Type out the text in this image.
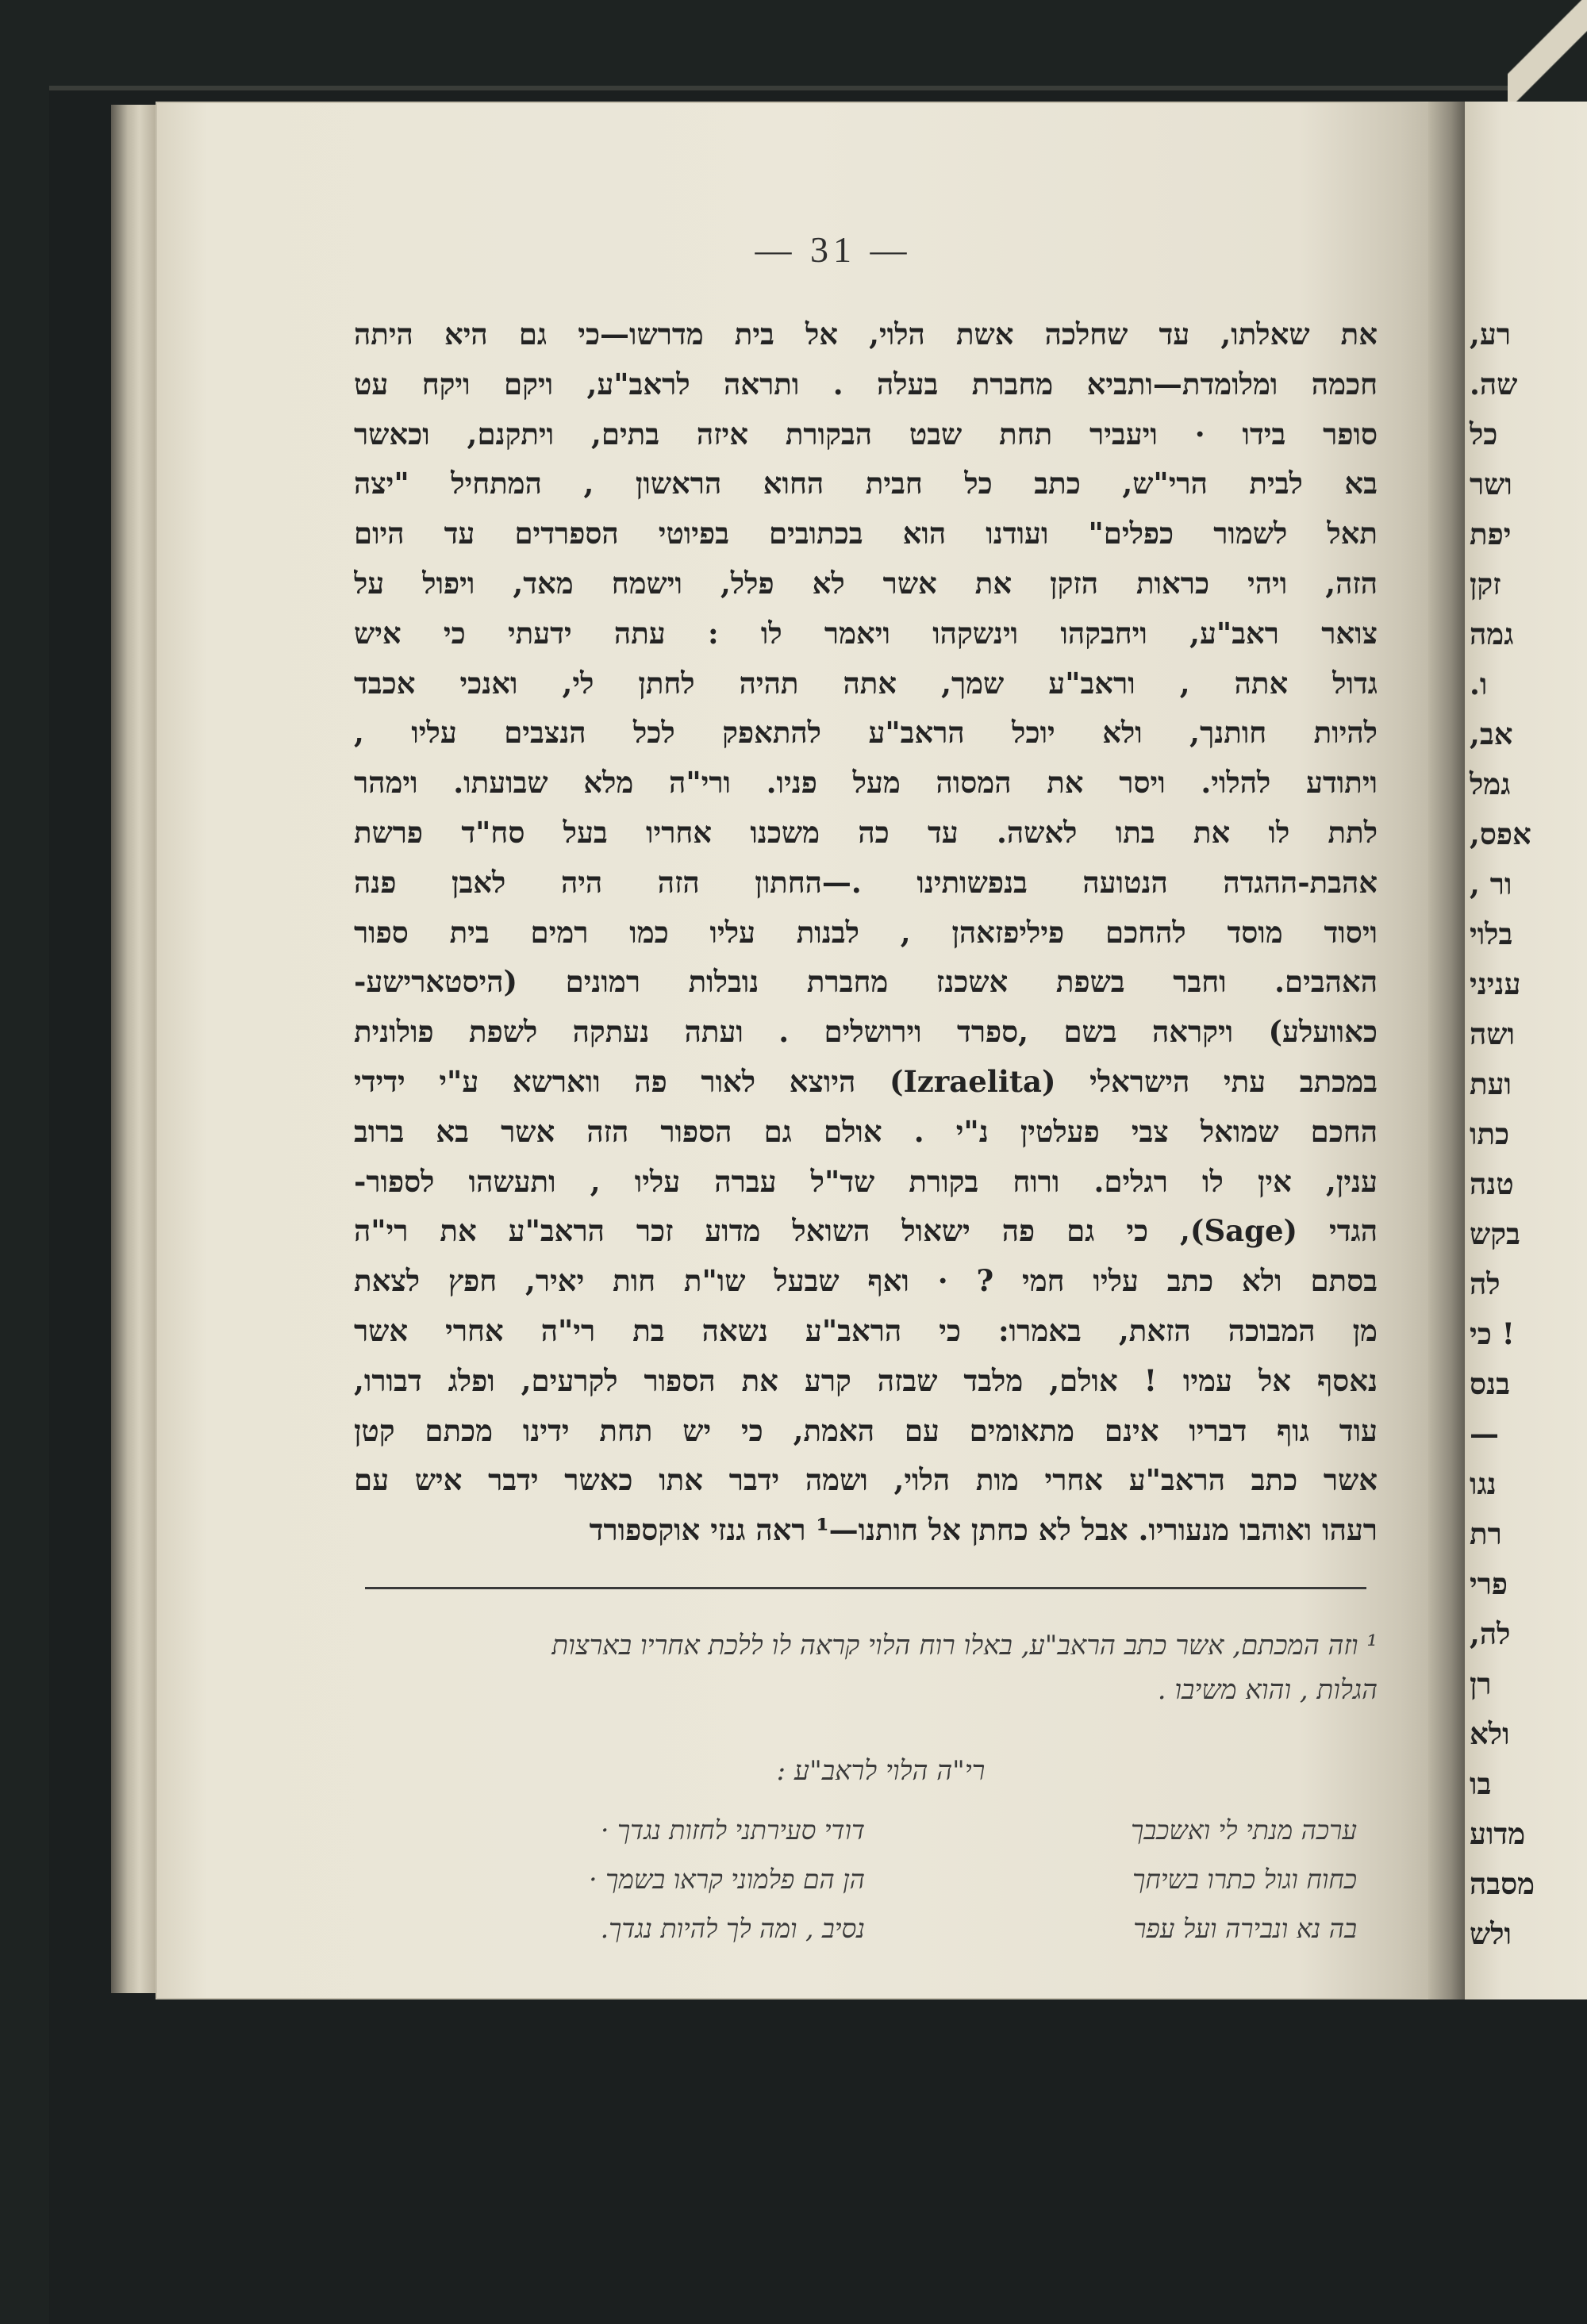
רע,
שה.
כל
ושר
יפת
זקן
גמה
ו.
אב,
גמל
אפס,
ור ,
בלוי
עניני
ושה
ועת
כתו
טנה
בקש
לה
! כי
בנס
—
נגו
רת
פרי
לה,
רן
ולא
בו
מדוע
מסבה
ולש
— 31 —
את שאלתו, עד שחלכה אשת הלוי, אל בית מדרשו—כי גם היא היתה
חכמה ומלומדת—ותביא מחברת בעלה . ותראה לראב"ע, ויקם ויקח עט
סופר בידו · ויעביר תחת שבט הבקורת איזה בתים, ויתקנם, וכאשר
בא לבית הרי"ש, כתב כל חבית החוא הראשון , המתחיל "יצה
תאל לשמור כפלים" ועודנו הוא בכתובים בפיוטי הספרדים עד היום
הזה, ויהי כראות הזקן את אשר לא פלל, וישמח מאד, ויפול על
צואר ראב"ע, ויחבקהו וינשקהו ויאמר לו : עתה ידעתי כי איש
גדול אתה , וראב"ע שמך, אתה תהיה לחתן לי, ואנכי אכבד
להיות חותנך, ולא יוכל הראב"ע להתאפק לכל הנצבים עליו ,
ויתודע להלוי. ויסר את המסוה מעל פניו. ורי"ה מלא שבועתו. וימהר
לתת לו את בתו לאשה. עד כה משכנו אחריו בעל סח"ד פרשת
אהבת-ההגדה הנטועה בנפשותינו .—החתון הזה היה לאבן פנה
ויסוד מוסד להחכם פיליפזאהן , לבנות עליו כמו רמים בית ספור
האהבים. וחבר בשפת אשכנז מחברת נובלות רמונים (היסטארישע-
כאוועלע) ויקראה בשם ,ספרד וירושלים . ועתה נעתקה לשפת פולונית
במכתב עתי הישראלי (Izraelita) היוצא לאור פה ווארשא ע"י ידידי
החכם שמואל צבי פעלטין נ"י . אולם גם הספור הזה אשר בא ברוב
ענין, אין לו רגלים. ורוח בקורת שד"ל עברה עליו , ותעשהו לספור-
הגדי (Sage), כי גם פה ישאול השואל מדוע זכר הראב"ע את רי"ה
בסתם ולא כתב עליו חמי ? · ואף שבעל שו"ת חות יאיר, חפץ לצאת
מן המבוכה הזאת, באמרו: כי הראב"ע נשאה בת רי"ה אחרי אשר
נאסף אל עמיו ! אולם, מלבד שבזה קרע את הספור לקרעים, ופלג דבורו,
עוד גוף דבריו אינם מתאומים עם האמת, כי יש תחת ידינו מכתם קטן
אשר כתב הראב"ע אחרי מות הלוי, ושמה ידבר אתו כאשר ידבר איש עם
רעהו ואוהבו מנעוריו. אבל לא כחתן אל חותנו—¹ ראה גנזי אוקספורד
¹ וזה המכתם, אשר כתב הראב"ע, באלו רוח הלוי קראה לו ללכת אחריו בארצות
הגלות , והוא משיבו .
רי"ה הלוי לראב"ע :
ערכה מנתי לי ואשכבך
דודי סעירתני לחזות נגדך ·
כחוח וגול כתרו בשיחך
הן הם פלמוני קראו בשמך ·
בה נא ונבירה ועל עפר
נסיב , ומה לך להיות נגדך.
